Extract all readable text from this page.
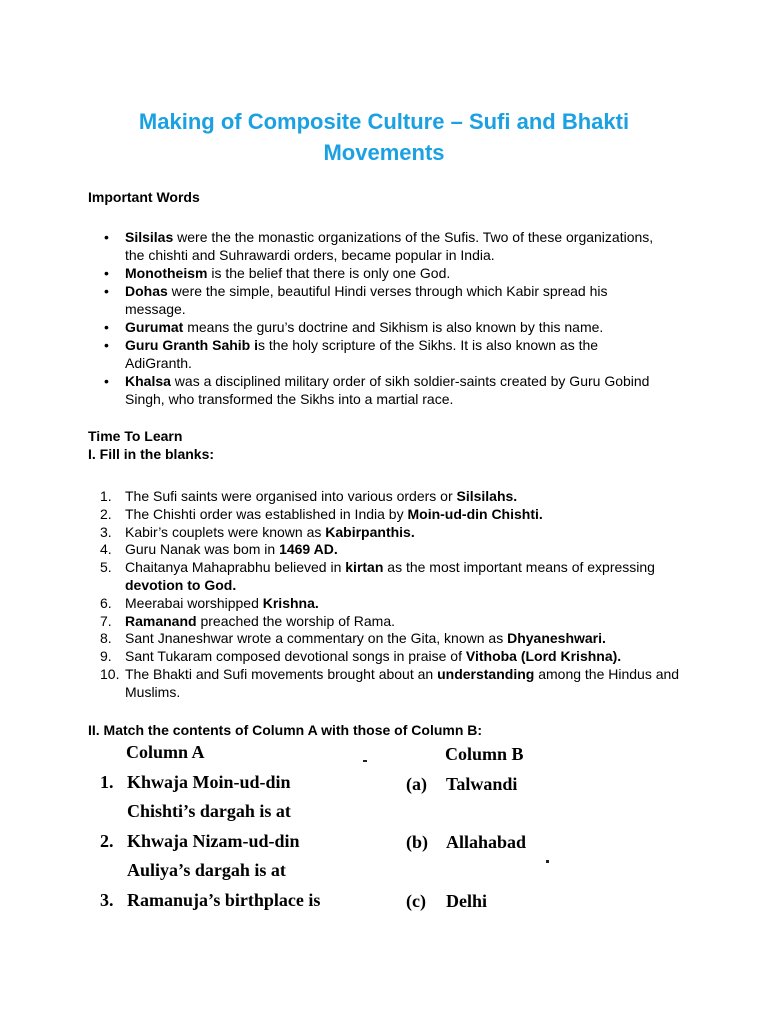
Making of Composite Culture – Sufi and Bhakti Movements
Important Words
• Silsilas were the the monastic organizations of the Sufis. Two of these organizations, the chishti and Suhrawardi orders, became popular in India.
• Monotheism is the belief that there is only one God.
• Dohas were the simple, beautiful Hindi verses through which Kabir spread his message.
• Gurumat means the guru’s doctrine and Sikhism is also known by this name.
• Guru Granth Sahib is the holy scripture of the Sikhs. It is also known as the AdiGranth.
• Khalsa was a disciplined military order of sikh soldier-saints created by Guru Gobind Singh, who transformed the Sikhs into a martial race.
Time To Learn
I. Fill in the blanks:
1. The Sufi saints were organised into various orders or Silsilahs.
2. The Chishti order was established in India by Moin-ud-din Chishti.
3. Kabir’s couplets were known as Kabirpanthis.
4. Guru Nanak was bom in 1469 AD.
5. Chaitanya Mahaprabhu believed in kirtan as the most important means of expressing devotion to God.
6. Meerabai worshipped Krishna.
7. Ramanand preached the worship of Rama.
8. Sant Jnaneshwar wrote a commentary on the Gita, known as Dhyaneshwari.
9. Sant Tukaram composed devotional songs in praise of Vithoba (Lord Krishna).
10. The Bhakti and Sufi movements brought about an understanding among the Hindus and Muslims.
II. Match the contents of Column A with those of Column B:
Column A	Column B
1. Khwaja Moin-ud-din
Chishti’s dargah is at
(a) Talwandi
2. Khwaja Nizam-ud-din
Auliya’s dargah is at
(b) Allahabad
3. Ramanuja’s birthplace is	(c) Delhi
